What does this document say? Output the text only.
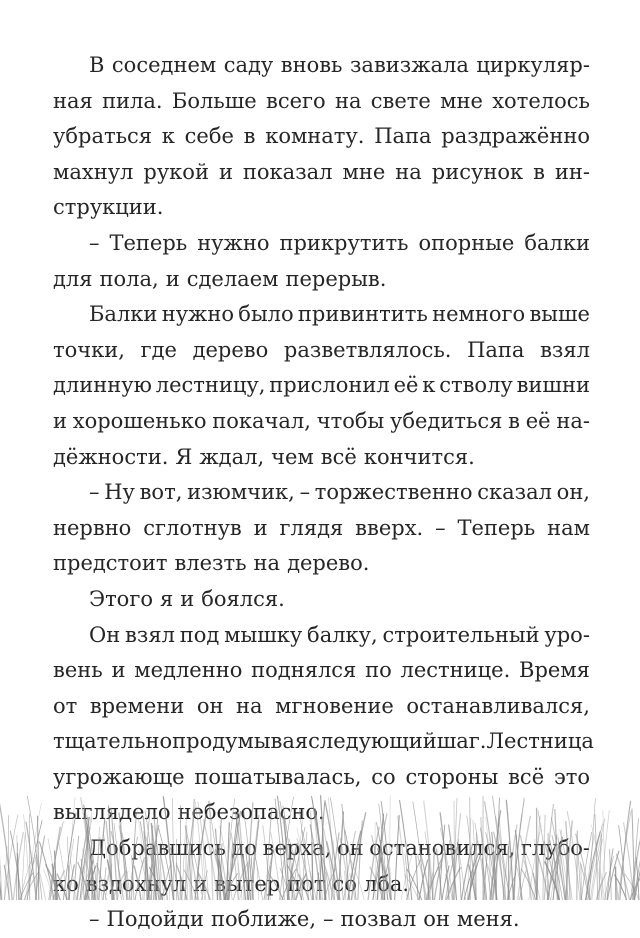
В соседнем саду вновь завизжала циркуляр-
ная пила. Больше всего на свете мне хотелось
убраться к себе в комнату. Папа раздражённо
махнул рукой и показал мне на рисунок в ин-
струкции.
– Теперь нужно прикрутить опорные балки
для пола, и сделаем перерыв.
Балки нужно было привинтить немного выше
точки, где дерево разветвлялось. Папа взял
длинную лестницу, прислонил её к стволу вишни
и хорошенько покачал, чтобы убедиться в её на-
дёжности. Я ждал, чем всё кончится.
– Ну вот, изюмчик, – торжественно сказал он,
нервно сглотнув и глядя вверх. – Теперь нам
предстоит влезть на дерево.
Этого я и боялся.
Он взял под мышку балку, строительный уро-
вень и медленно поднялся по лестнице. Время
от времени он на мгновение останавливался,
тщательно продумывая следующий шаг. Лестница
угрожающе пошатывалась, со стороны всё это
выглядело небезопасно.
Добравшись до верха, он остановился, глубо-
ко вздохнул и вытер пот со лба.
– Подойди поближе, – позвал он меня.
